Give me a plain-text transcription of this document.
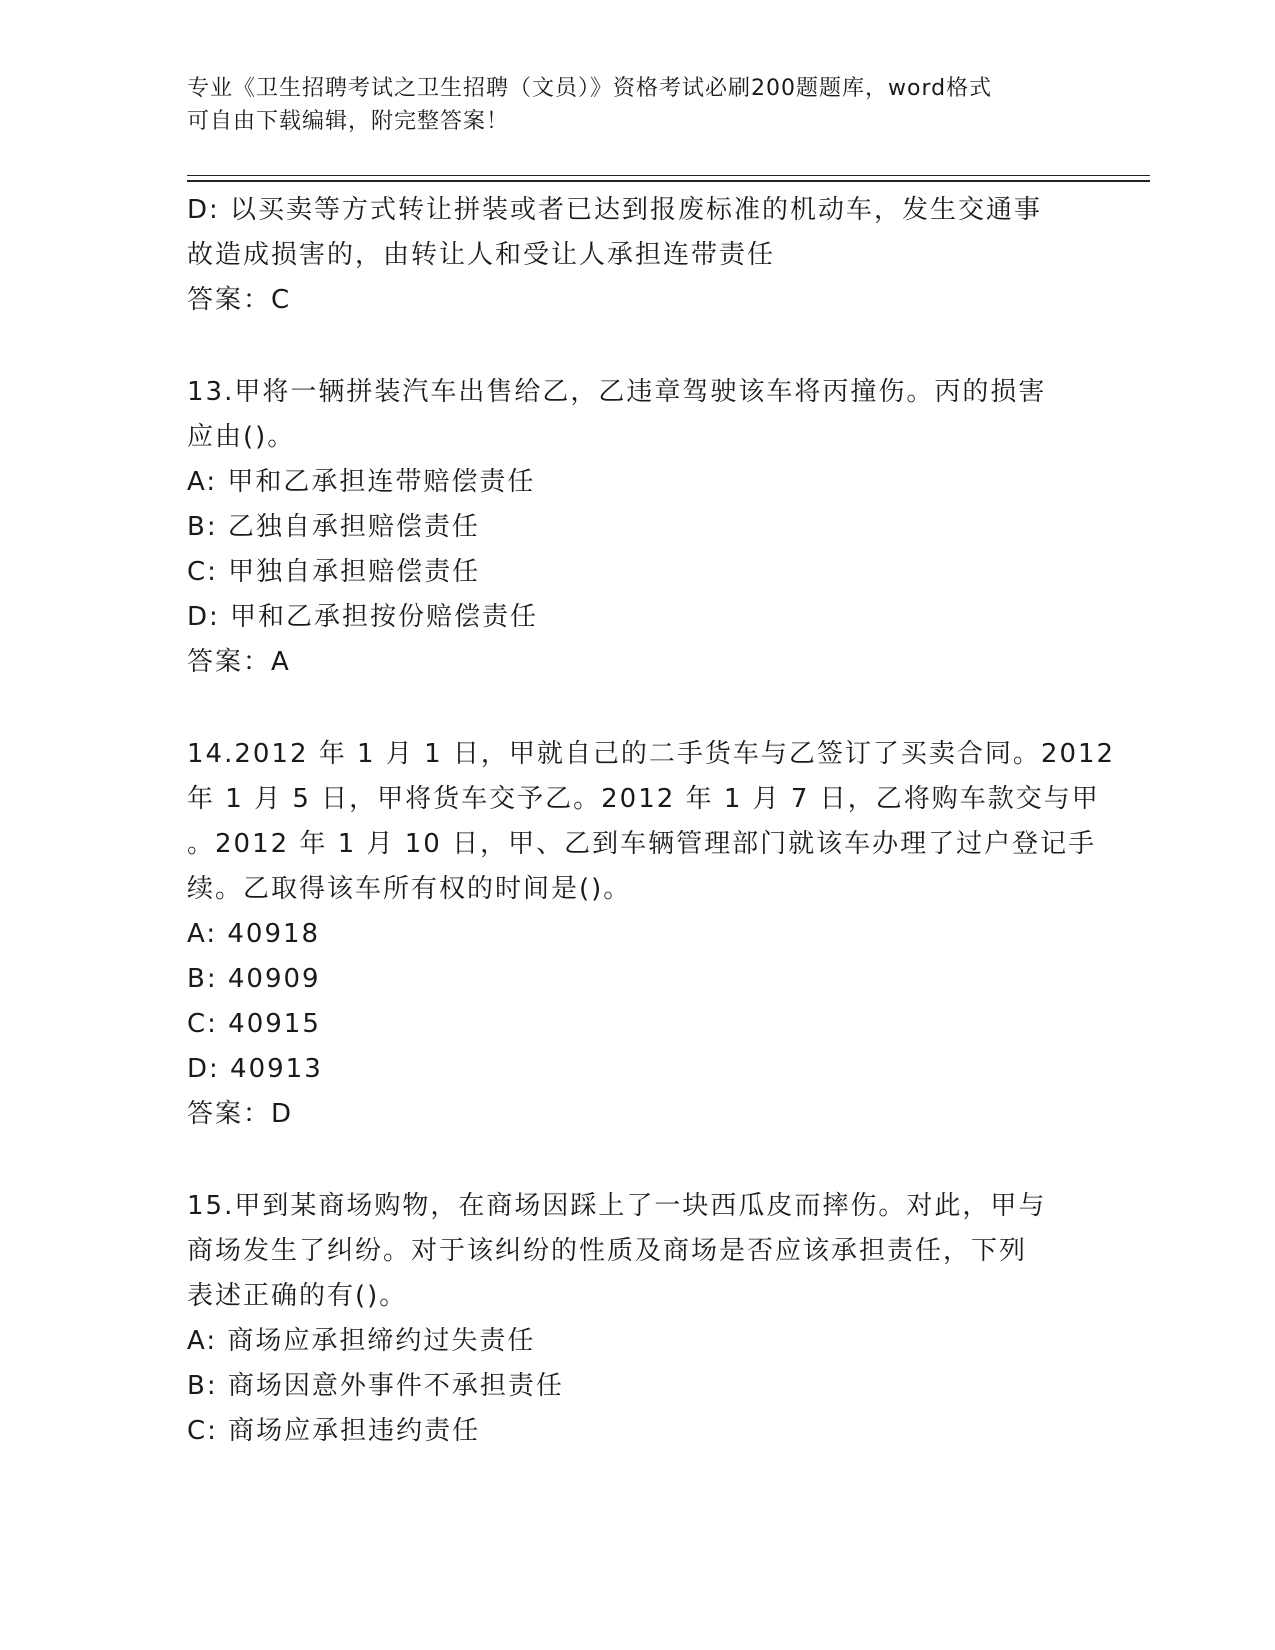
专业《卫生招聘考试之卫生招聘（文员）》资格考试必刷200题题库，word格式
可自由下载编辑，附完整答案！
D: 以买卖等方式转让拼装或者已达到报废标准的机动车，发生交通事
故造成损害的，由转让人和受让人承担连带责任
答案：C
13.甲将一辆拼装汽车出售给乙，乙违章驾驶该车将丙撞伤。丙的损害
应由()。
A: 甲和乙承担连带赔偿责任
B: 乙独自承担赔偿责任
C: 甲独自承担赔偿责任
D: 甲和乙承担按份赔偿责任
答案：A
14.2012 年 1 月 1 日，甲就自己的二手货车与乙签订了买卖合同。2012
年 1 月 5 日，甲将货车交予乙。2012 年 1 月 7 日，乙将购车款交与甲
。2012 年 1 月 10 日，甲、乙到车辆管理部门就该车办理了过户登记手
续。乙取得该车所有权的时间是()。
A: 40918
B: 40909
C: 40915
D: 40913
答案：D
15.甲到某商场购物，在商场因踩上了一块西瓜皮而摔伤。对此，甲与
商场发生了纠纷。对于该纠纷的性质及商场是否应该承担责任，下列
表述正确的有()。
A: 商场应承担缔约过失责任
B: 商场因意外事件不承担责任
C: 商场应承担违约责任
